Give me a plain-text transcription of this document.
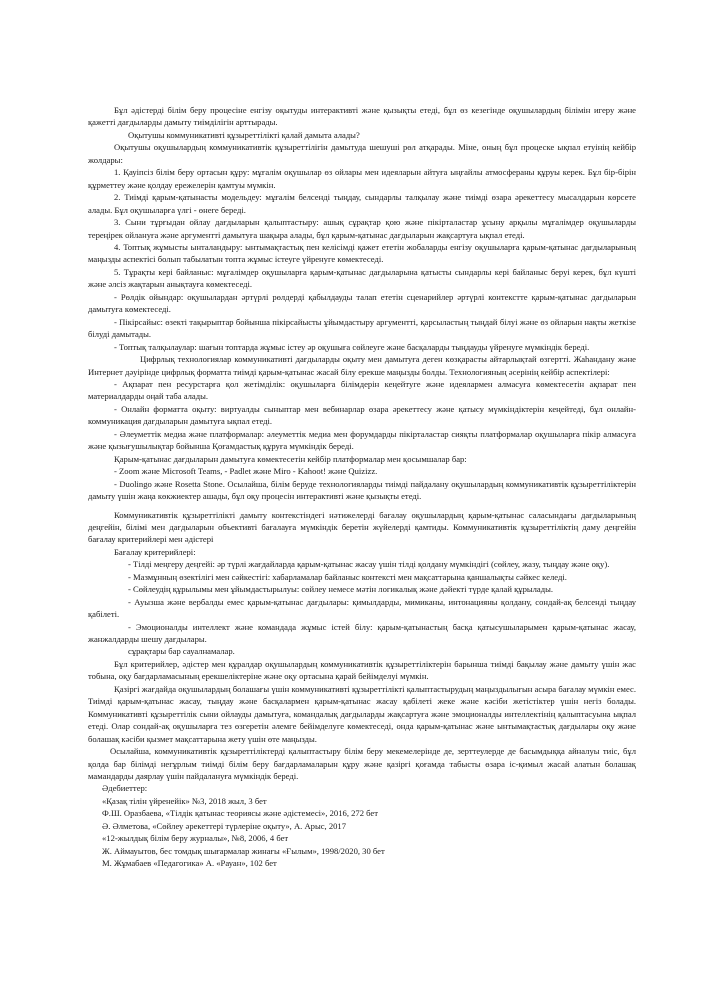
Бұл әдістерді білім беру процесіне енгізу оқытуды интерактивті және қызықты етеді, бұл өз кезегінде оқушылардың білімін игеру және қажетті дағдыларды дамыту тиімділігін арттырады.

Оқытушы коммуникативті құзыреттілікті қалай дамыта алады?

Оқытушы оқушылардың коммуникативтік құзыреттілігін дамытуда шешуші рөл атқарады. Міне, оның бұл процеске ықпал етуінің кейбір жолдары:

1. Қауіпсіз білім беру ортасын құру: мұғалім оқушылар өз ойлары мен идеяларын айтуға ыңғайлы атмосфераны құруы керек. Бұл бір-бірін құрметтеу және қолдау ережелерін қамтуы мүмкін.

2. Тиімді қарым-қатынасты модельдеу: мұғалім белсенді тыңдау, сындарлы талқылау және тиімді өзара әрекеттесу мысалдарын көрсете алады. Бұл оқушыларға үлгі - өнеге береді.

3. Сыни тұрғыдан ойлау дағдыларын қалыптастыру: ашық сұрақтар қою және пікірталастар ұсыну арқылы мұғалімдер оқушыларды тереңірек ойлануға және аргументті дамытуға шақыра алады, бұл қарым-қатынас дағдыларын жақсартуға ықпал етеді.

4. Топтық жұмысты ынталандыру: ынтымақтастық пен келісімді қажет ететін жобаларды енгізу оқушыларға қарым-қатынас дағдыларының маңызды аспектісі болып табылатын топта жұмыс істеуге үйренуге көмектеседі.

5. Тұрақты кері байланыс: мұғалімдер оқушыларға қарым-қатынас дағдыларына қатысты сындарлы кері байланыс беруі керек, бұл күшті және әлсіз жақтарын анықтауға көмектеседі.

- Рөлдік ойындар: оқушылардан әртүрлі рөлдерді қабылдауды талап ететін сценарийлер әртүрлі контекстте қарым-қатынас дағдыларын дамытуға көмектеседі.

- Пікірсайыс: өзекті тақырыптар бойынша пікірсайысты ұйымдастыру аргументті, қарсыластың тыңдай білуі және өз ойларын нақты жеткізе білуді дамытады.

- Топтық талқылаулар: шағын топтарда жұмыс істеу әр оқушыға сөйлеуге және басқаларды тыңдауды үйренуге мүмкіндік береді.

Цифрлық технологиялар коммуникативті дағдыларды оқыту мен дамытуға деген көзқарасты айтарлықтай өзгертті. Жаһандану және Интернет дәуірінде цифрлық форматта тиімді қарым-қатынас жасай білу ерекше маңызды болды. Технологияның әсерінің кейбір аспектілері:

- Ақпарат пен ресурстарға қол жетімділік: оқушыларға білімдерін кеңейтуге және идеялармен алмасуға көмектесетін ақпарат пен материалдарды оңай таба алады.

- Онлайн форматта оқыту: виртуалды сыныптар мен вебинарлар өзара әрекеттесу және қатысу мүмкіндіктерін кеңейтеді, бұл онлайн-коммуникация дағдыларын дамытуға ықпал етеді.

- Әлеуметтік медиа және платформалар: әлеуметтік медиа мен форумдарды пікірталастар сияқты платформалар оқушыларға пікір алмасуға және қызығушылықтар бойынша Қоғамдастық құруға мүмкіндік береді.

Қарым-қатынас дағдыларын дамытуға көмектесетін кейбір платформалар мен қосымшалар бар:

- Zoom және Microsoft Teams, - Padlet және Miro - Kahoot! және Quizizz.

- Duolingo және Rosetta Stone. Осылайша, білім беруде технологияларды тиімді пайдалану оқушылардың коммуникативтік құзыреттіліктерін дамыту үшін жаңа көкжиектер ашады, бұл оқу процесін интерактивті және қызықты етеді.

Коммуникативтік құзыреттілікті дамыту контекстіндегі нәтижелерді бағалау оқушылардың қарым-қатынас саласындағы дағдыларының деңгейін, білімі мен дағдыларын объективті бағалауға мүмкіндік беретін жүйелерді қамтиды. Коммуникативтік құзыреттіліктің даму деңгейін бағалау критерийлері мен әдістері

Бағалау критерийлері:

- Тілді меңгеру деңгейі: әр түрлі жағдайларда қарым-қатынас жасау үшін тілді қолдану мүмкіндігі (сөйлеу, жазу, тыңдау және оқу).

- Мазмұнның өзектілігі мен сәйкестігі: хабарламалар байланыс контексті мен мақсаттарына қаншалықты сәйкес келеді.

- Сөйлеудің құрылымы мен ұйымдастырылуы: сөйлеу немесе мәтін логикалық және дәйекті түрде қалай құрылады.

- Ауызша және вербалды емес қарым-қатынас дағдылары: қимылдарды, мимиканы, интонацияны қолдану, сондай-ақ белсенді тыңдау қабілеті.

- Эмоционалды интеллект және командада жұмыс істей білу: қарым-қатынастың басқа қатысушыларымен қарым-қатынас жасау, жанжалдарды шешу дағдылары.

сұрақтары бар сауалнамалар.

Бұл критерийлер, әдістер мен құралдар оқушылардың коммуникативтік құзыреттіліктерін барынша тиімді бақылау және дамыту үшін жас тобына, оқу бағдарламасының ерекшеліктеріне және оқу ортасына қарай бейімделуі мүмкін.

Қазіргі жағдайда оқушылардың болашағы үшін коммуникативті құзыреттілікті қалыптастырудың маңыздылығын асыра бағалау мүмкін емес. Тиімді қарым-қатынас жасау, тыңдау және басқалармен қарым-қатынас жасау қабілеті жеке және кәсіби жетістіктер үшін негіз болады. Коммуникативті құзыреттілік сыни ойлауды дамытуға, командалық дағдыларды жақсартуға және эмоционалды интеллектінің қалыптасуына ықпал етеді. Олар сондай-ақ оқушыларға тез өзгеретін әлемге бейімделуге көмектеседі, онда қарым-қатынас және ынтымақтастық дағдылары оқу және болашақ кәсіби қызмет мақсаттарына жету үшін өте маңызды.

Осылайша, коммуникативтік құзыреттіліктерді қалыптастыру білім беру мекемелерінде де, зерттеулерде де басымдыққа айналуы тиіс, бұл қолда бар білімді негұрлым тиімді білім беру бағдарламаларын құру және қазіргі қоғамда табысты өзара іс-қимыл жасай алатын болашақ мамандарды даярлау үшін пайдалануға мүмкіндік береді.

Әдебиеттер:

«Қазақ тілін үйренейік» №3, 2018 жыл, 3 бет

Ф.Ш. Оразбаева, «Тілдік қатынас теориясы және әдістемесі», 2016, 272 бет

Ә. Әлметова, «Сөйлеу әрекеттері түрлеріне оқыту», А. Арыс, 2017

«12-жылдық білім беру журналы», №8, 2006, 4 бет

Ж. Аймауытов, бес томдық шығармалар жинағы «Ғылым», 1998/2020, 30 бет

М. Жұмабаев «Педагогика» А. «Рауан», 102 бет
